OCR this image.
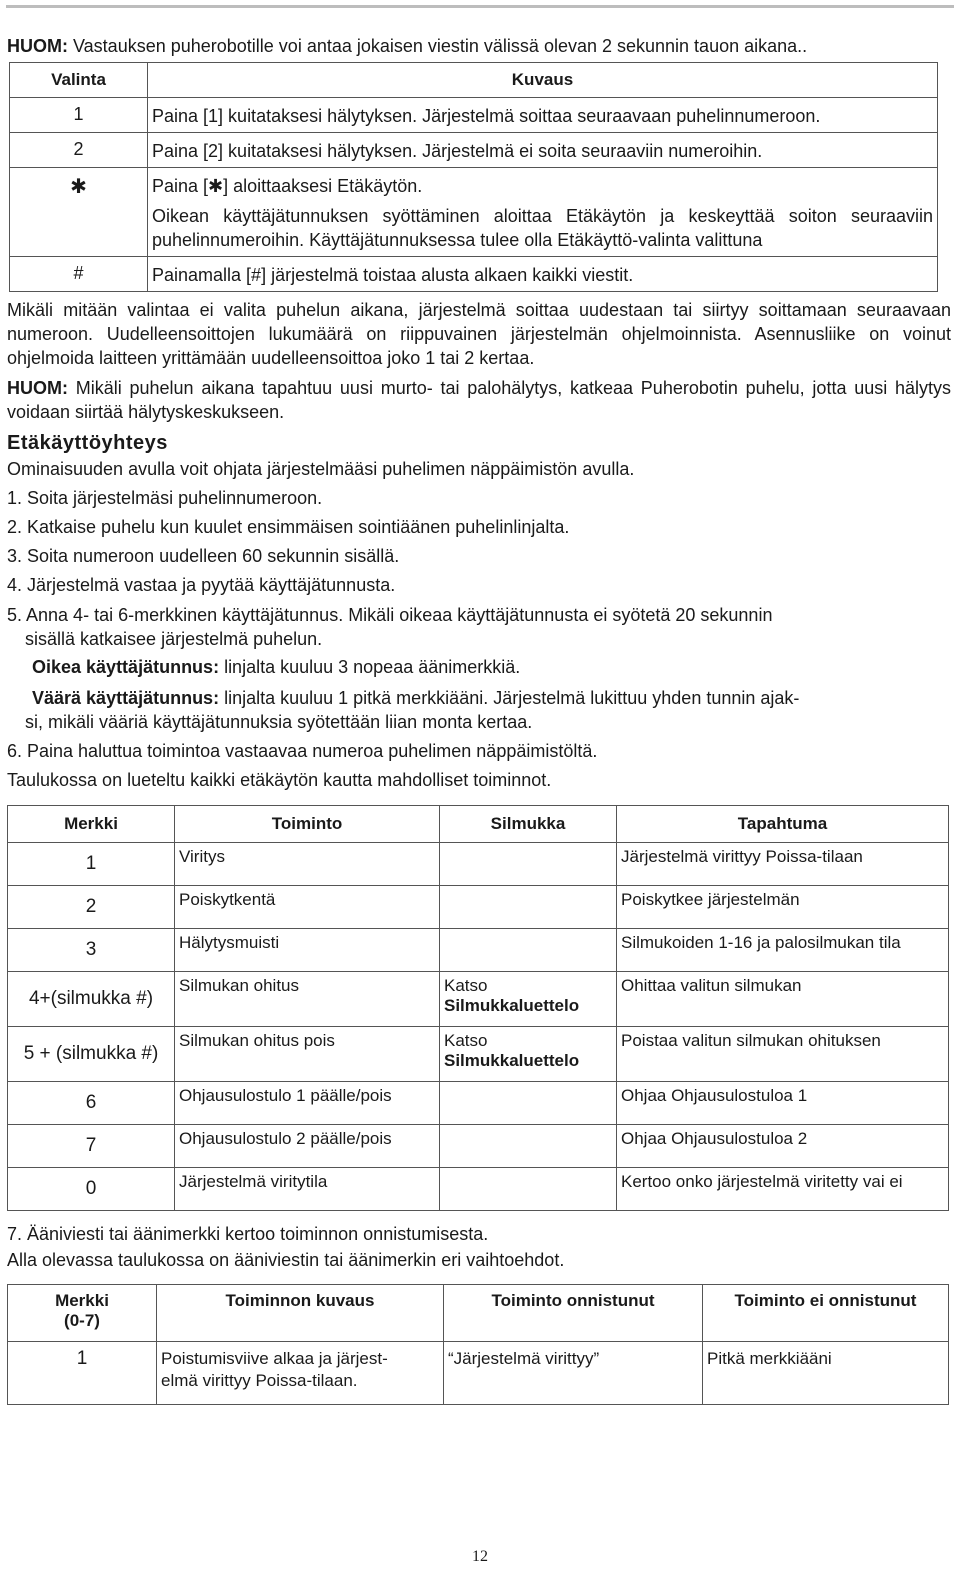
HUOM: Vastauksen puherobotille voi antaa jokaisen viestin välissä olevan 2 sekunnin tauon aikana..

Valinta	Kuvaus
1	Paina [1] kuitataksesi hälytyksen. Järjestelmä soittaa seuraavaan puhelinnumeroon.
2	Paina [2] kuitataksesi hälytyksen. Järjestelmä ei soita seuraaviin numeroihin.
✱	Paina [✱] aloittaaksesi Etäkäytön.
Oikean käyttäjätunnuksen syöttäminen aloittaa Etäkäytön ja keskeyttää soiton seuraaviin puhelinnumeroihin. Käyttäjätunnuksessa tulee olla Etäkäyttö-valinta valittuna

#	Painamalla [#] järjestelmä toistaa alusta alkaen kaikki viestit.

Mikäli mitään valintaa ei valita puhelun aikana, järjestelmä soittaa uudestaan tai siirtyy soittamaan seuraavaan numeroon. Uudelleensoittojen lukumäärä on riippuvainen järjestelmän ohjelmoinnista. Asennusliike on voinut ohjelmoida laitteen yrittämään uudelleensoittoa joko 1 tai 2 kertaa.

HUOM: Mikäli puhelun aikana tapahtuu uusi murto- tai palohälytys, katkeaa Puherobotin puhelu, jotta uusi hälytys voidaan siirtää hälytyskeskukseen.

Etäkäyttöyhteys

Ominaisuuden avulla voit ohjata järjestelmääsi puhelimen näppäimistön avulla.

1. Soita järjestelmäsi puhelinnumeroon.

2. Katkaise puhelu kun kuulet ensimmäisen sointiäänen puhelinlinjalta.

3. Soita numeroon uudelleen 60 sekunnin sisällä.

4. Järjestelmä vastaa ja pyytää käyttäjätunnusta.

5. Anna 4- tai 6-merkkinen käyttäjätunnus. Mikäli oikeaa käyttäjätunnusta ei syötetä 20 sekunnin

sisällä katkaisee järjestelmä puhelun.

Oikea käyttäjätunnus: linjalta kuuluu 3 nopeaa äänimerkkiä.

Väärä käyttäjätunnus: linjalta kuuluu 1 pitkä merkkiääni. Järjestelmä lukittuu yhden tunnin ajak-

si, mikäli vääriä käyttäjätunnuksia syötettään liian monta kertaa.

6. Paina haluttua toimintoa vastaavaa numeroa puhelimen näppäimistöltä.

Taulukossa on lueteltu kaikki etäkäytön kautta mahdolliset toiminnot.

Merkki	Toiminto	Silmukka	Tapahtuma
1	Viritys		Järjestelmä virittyy Poissa-tilaan
2	Poiskytkentä		Poiskytkee järjestelmän
3	Hälytysmuisti		Silmukoiden 1-16 ja palosilmukan tila
4+(silmukka #)	Silmukan ohitus	Katso
Silmukkaluettelo	Ohittaa valitun silmukan
5 + (silmukka #)	Silmukan ohitus pois	Katso
Silmukkaluettelo	Poistaa valitun silmukan ohituksen
6	Ohjausulostulo 1 päälle/pois		Ohjaa Ohjausulostuloa 1
7	Ohjausulostulo 2 päälle/pois		Ohjaa Ohjausulostuloa 2
0	Järjestelmä viritytila		Kertoo onko järjestelmä viritetty vai ei

7. Ääniviesti tai äänimerkki kertoo toiminnon onnistumisesta.

Alla olevassa taulukossa on ääniviestin tai äänimerkin eri vaihtoehdot.

Merkki
(0-7)	Toiminnon kuvaus	Toiminto onnistunut	Toiminto ei onnistunut
1	Poistumisviive alkaa ja järjest-
elmä virittyy Poissa-tilaan.	“Järjestelmä virittyy”	Pitkä merkkiääni
12
